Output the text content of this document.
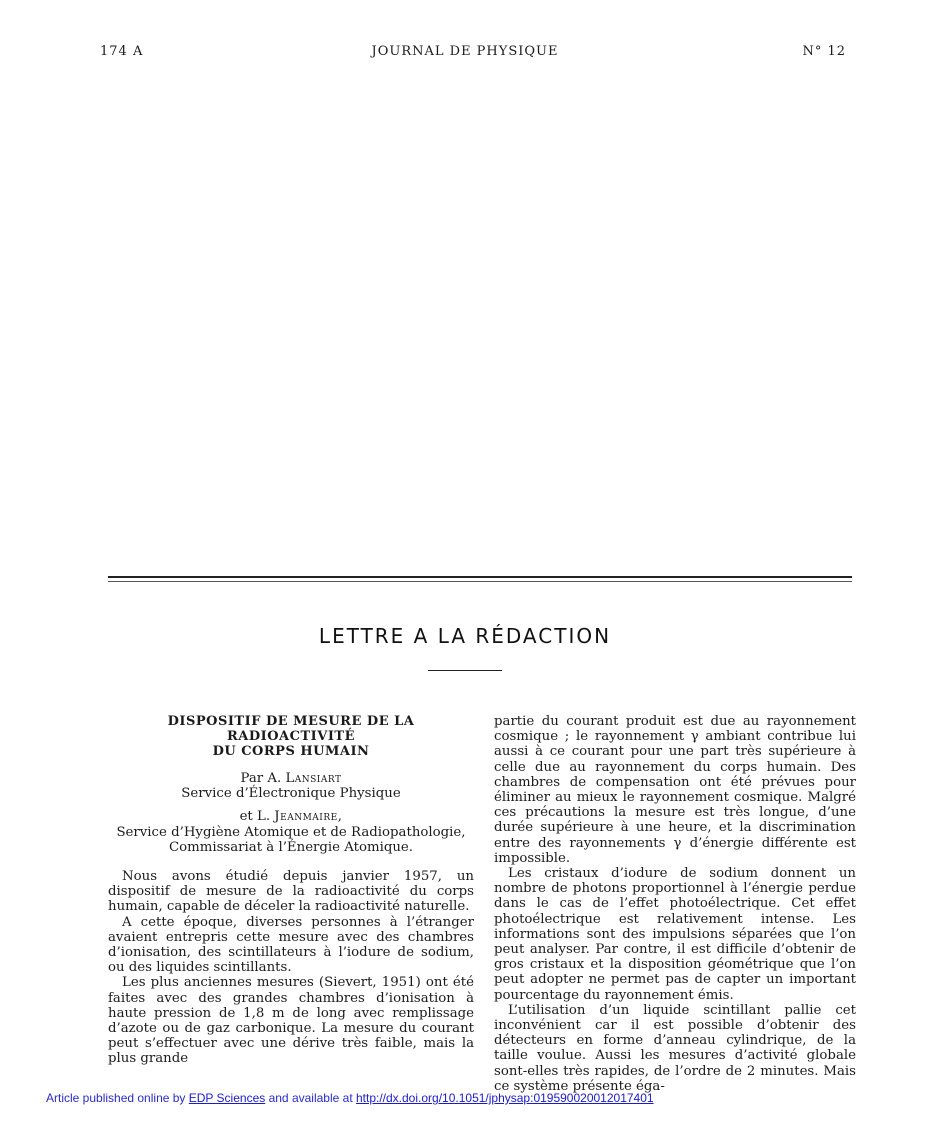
174 A	JOURNAL DE PHYSIQUE	N° 12
LETTRE A LA RÉDACTION
DISPOSITIF DE MESURE DE LA RADIOACTIVITÉ
DU CORPS HUMAIN
Par A. Lansiart
Service d’Électronique Physique
et L. Jeanmaire,
Service d’Hygiène Atomique et de Radiopathologie,
Commissariat à l’Énergie Atomique.

Nous avons étudié depuis janvier 1957, un dispositif de mesure de la radioactivité du corps humain, capable de déceler la radioactivité naturelle.

A cette époque, diverses personnes à l’étranger avaient entrepris cette mesure avec des chambres d’ionisation, des scintillateurs à l’iodure de sodium, ou des liquides scintillants.

Les plus anciennes mesures (Sievert, 1951) ont été faites avec des grandes chambres d’ionisation à haute pression de 1,8 m de long avec remplissage d’azote ou de gaz carbonique. La mesure du courant peut s’effectuer avec une dérive très faible, mais la plus grande

partie du courant produit est due au rayonnement cosmique ; le rayonnement γ ambiant contribue lui aussi à ce courant pour une part très supérieure à celle due au rayonnement du corps humain. Des chambres de compensation ont été prévues pour éliminer au mieux le rayonnement cosmique. Malgré ces précautions la mesure est très longue, d’une durée supérieure à une heure, et la discrimination entre des rayonnements γ d’énergie différente est impossible.

Les cristaux d’iodure de sodium donnent un nombre de photons proportionnel à l’énergie perdue dans le cas de l’effet photoélectrique. Cet effet photoélectrique est relativement intense. Les informations sont des impulsions séparées que l’on peut analyser. Par contre, il est difficile d’obtenir de gros cristaux et la disposition géométrique que l’on peut adopter ne permet pas de capter un important pourcentage du rayonnement émis.

L’utilisation d’un liquide scintillant pallie cet inconvénient car il est possible d’obtenir des détecteurs en forme d’anneau cylindrique, de la taille voulue. Aussi les mesures d’activité globale sont-elles très rapides, de l’ordre de 2 minutes. Mais ce système présente éga-

Article published online by EDP Sciences and available at http://dx.doi.org/10.1051/jphysap:019590020012017401
